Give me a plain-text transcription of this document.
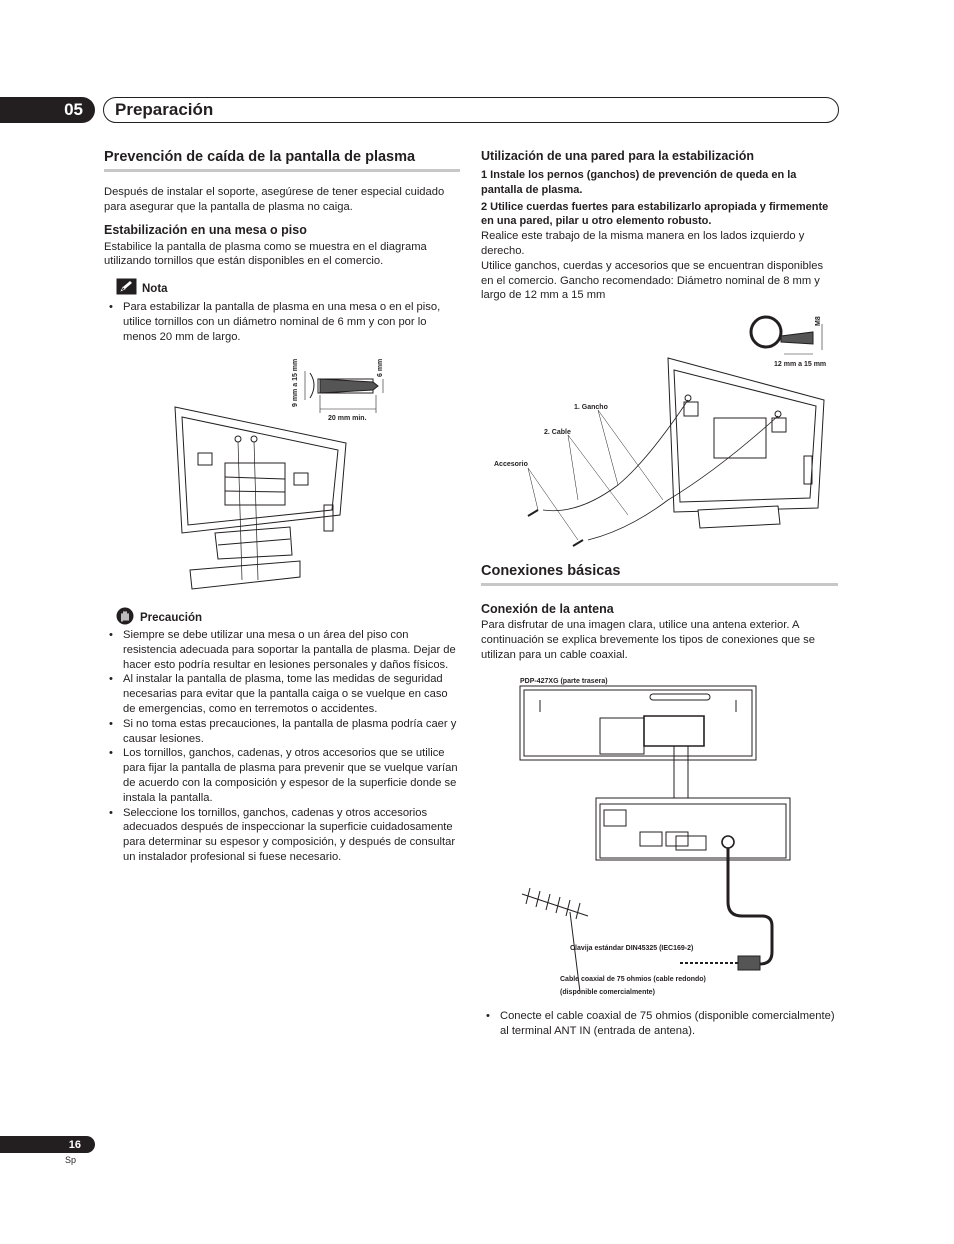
05	Preparación
Prevención de caída de la pantalla de plasma

Después de instalar el soporte, asegúrese de tener especial cuidado para asegurar que la pantalla de plasma no caiga.

Estabilización en una mesa o piso

Estabilice la pantalla de plasma como se muestra en el diagrama utilizando tornillos que están disponibles en el comercio.

Nota
• Para estabilizar la pantalla de plasma en una mesa o en el piso, utilice tornillos con un diámetro nominal de 6 mm y con por lo menos 20 mm de largo.
9 mm a 15 mm	6 mm
20 mm min.
Precaución
• Siempre se debe utilizar una mesa o un área del piso con resistencia adecuada para soportar la pantalla de plasma. Dejar de hacer esto podría resultar en lesiones personales y daños físicos.
• Al instalar la pantalla de plasma, tome las medidas de seguridad necesarias para evitar que la pantalla caiga o se vuelque en caso de emergencias, como en terremotos o accidentes.
• Si no toma estas precauciones, la pantalla de plasma podría caer y causar lesiones.
• Los tornillos, ganchos, cadenas, y otros accesorios que se utilice para fijar la pantalla de plasma para prevenir que se vuelque varían de acuerdo con la composición y espesor de la superficie donde se instala la pantalla.
• Seleccione los tornillos, ganchos, cadenas y otros accesorios adecuados después de inspeccionar la superficie cuidadosamente para determinar su espesor y composición, y después de consultar un instalador profesional si fuese necesario.
Utilización de una pared para la estabilización

1 Instale los pernos (ganchos) de prevención de queda en la pantalla de plasma.

2 Utilice cuerdas fuertes para estabilizarlo apropiada y firmemente en una pared, pilar u otro elemento robusto.

Realice este trabajo de la misma manera en los lados izquierdo y derecho.

Utilice ganchos, cuerdas y accesorios que se encuentran disponibles en el comercio. Gancho recomendado: Diámetro nominal de 8 mm y largo de 12 mm a 15 mm

M8
12 mm a 15 mm
1. Gancho
2. Cable
Accesorio
Conexiones básicas
Conexión de la antena

Para disfrutar de una imagen clara, utilice una antena exterior. A continuación se explica brevemente los tipos de conexiones que se utilizan para un cable coaxial.

PDP-427XG (parte trasera)
Clavija estándar DIN45325 (IEC169-2)
Cable coaxial de 75 ohmios (cable redondo)
(disponible comercialmente)
• Conecte el cable coaxial de 75 ohmios (disponible comercialmente) al terminal ANT IN (entrada de antena).
16
Sp
